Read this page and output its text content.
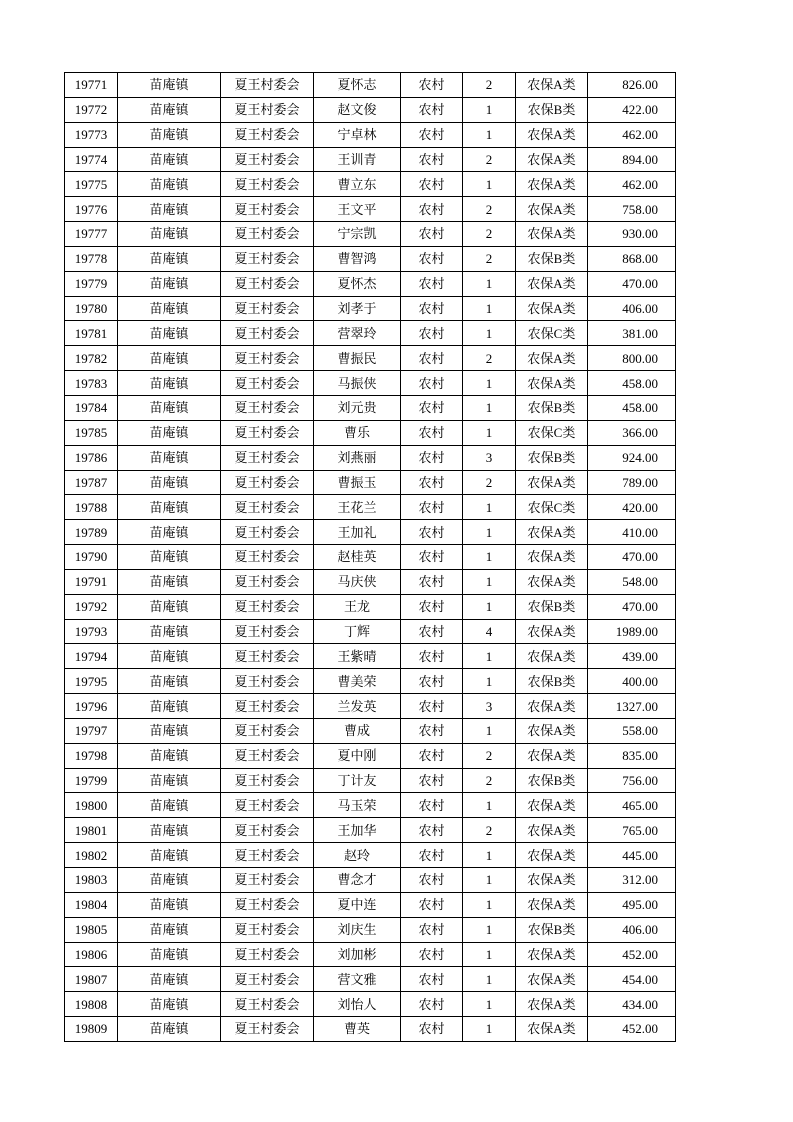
19771	苗庵镇	夏王村委会	夏怀志	农村	2	农保A类	826.00
19772	苗庵镇	夏王村委会	赵文俊	农村	1	农保B类	422.00
19773	苗庵镇	夏王村委会	宁卓林	农村	1	农保A类	462.00
19774	苗庵镇	夏王村委会	王训青	农村	2	农保A类	894.00
19775	苗庵镇	夏王村委会	曹立东	农村	1	农保A类	462.00
19776	苗庵镇	夏王村委会	王文平	农村	2	农保A类	758.00
19777	苗庵镇	夏王村委会	宁宗凯	农村	2	农保A类	930.00
19778	苗庵镇	夏王村委会	曹智鸿	农村	2	农保B类	868.00
19779	苗庵镇	夏王村委会	夏怀杰	农村	1	农保A类	470.00
19780	苗庵镇	夏王村委会	刘孝于	农村	1	农保A类	406.00
19781	苗庵镇	夏王村委会	营翠玲	农村	1	农保C类	381.00
19782	苗庵镇	夏王村委会	曹振民	农村	2	农保A类	800.00
19783	苗庵镇	夏王村委会	马振侠	农村	1	农保A类	458.00
19784	苗庵镇	夏王村委会	刘元贵	农村	1	农保B类	458.00
19785	苗庵镇	夏王村委会	曹乐	农村	1	农保C类	366.00
19786	苗庵镇	夏王村委会	刘燕丽	农村	3	农保B类	924.00
19787	苗庵镇	夏王村委会	曹振玉	农村	2	农保A类	789.00
19788	苗庵镇	夏王村委会	王花兰	农村	1	农保C类	420.00
19789	苗庵镇	夏王村委会	王加礼	农村	1	农保A类	410.00
19790	苗庵镇	夏王村委会	赵桂英	农村	1	农保A类	470.00
19791	苗庵镇	夏王村委会	马庆侠	农村	1	农保A类	548.00
19792	苗庵镇	夏王村委会	王龙	农村	1	农保B类	470.00
19793	苗庵镇	夏王村委会	丁辉	农村	4	农保A类	1989.00
19794	苗庵镇	夏王村委会	王紫晴	农村	1	农保A类	439.00
19795	苗庵镇	夏王村委会	曹美荣	农村	1	农保B类	400.00
19796	苗庵镇	夏王村委会	兰发英	农村	3	农保A类	1327.00
19797	苗庵镇	夏王村委会	曹成	农村	1	农保A类	558.00
19798	苗庵镇	夏王村委会	夏中刚	农村	2	农保A类	835.00
19799	苗庵镇	夏王村委会	丁计友	农村	2	农保B类	756.00
19800	苗庵镇	夏王村委会	马玉荣	农村	1	农保A类	465.00
19801	苗庵镇	夏王村委会	王加华	农村	2	农保A类	765.00
19802	苗庵镇	夏王村委会	赵玲	农村	1	农保A类	445.00
19803	苗庵镇	夏王村委会	曹念才	农村	1	农保A类	312.00
19804	苗庵镇	夏王村委会	夏中连	农村	1	农保A类	495.00
19805	苗庵镇	夏王村委会	刘庆生	农村	1	农保B类	406.00
19806	苗庵镇	夏王村委会	刘加彬	农村	1	农保A类	452.00
19807	苗庵镇	夏王村委会	营文雅	农村	1	农保A类	454.00
19808	苗庵镇	夏王村委会	刘怡人	农村	1	农保A类	434.00
19809	苗庵镇	夏王村委会	曹英	农村	1	农保A类	452.00
